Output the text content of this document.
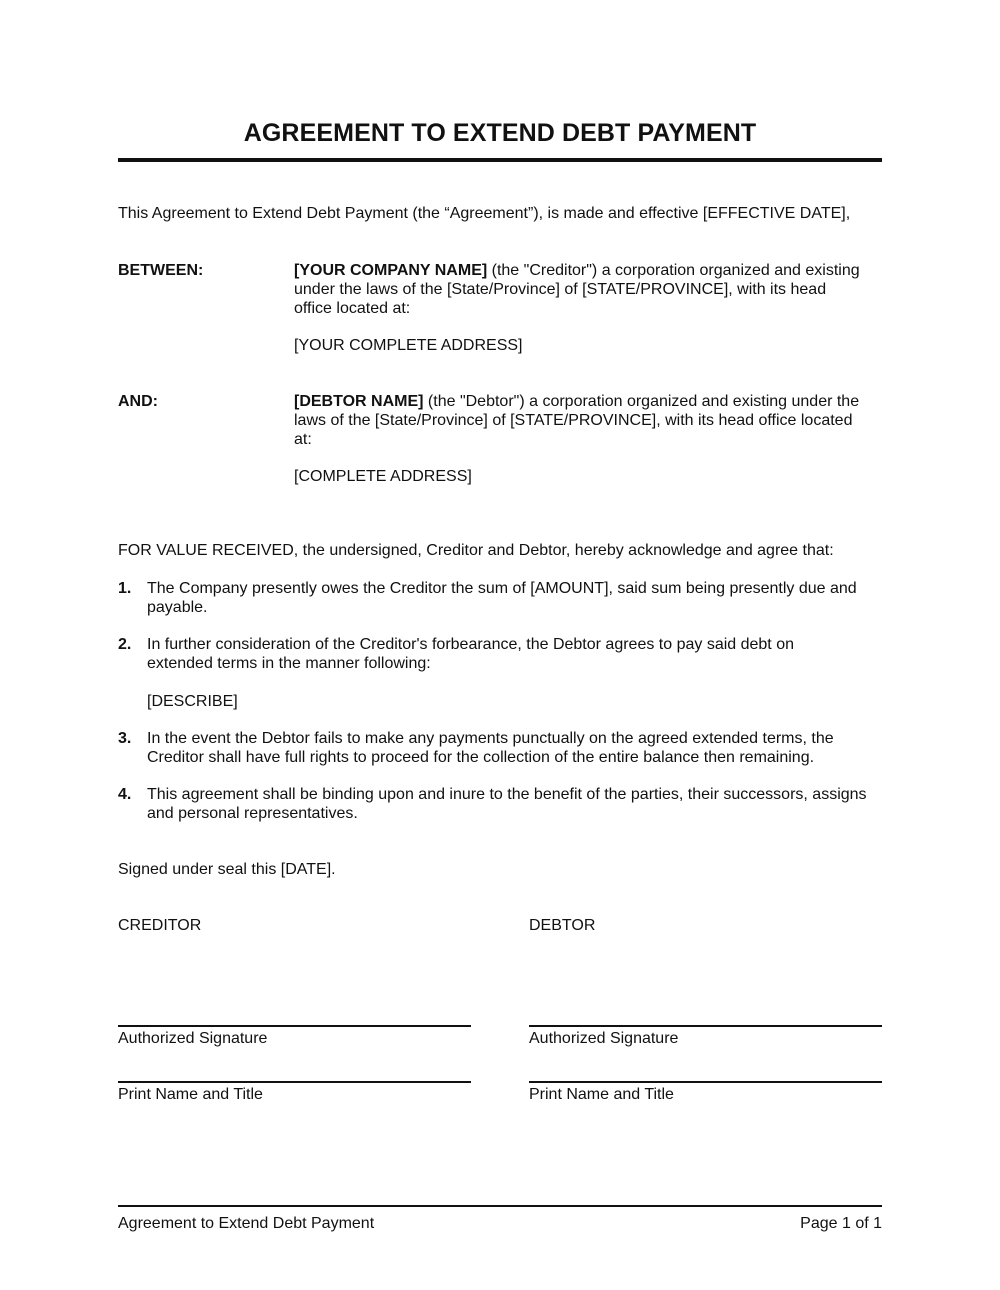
AGREEMENT TO EXTEND DEBT PAYMENT
This Agreement to Extend Debt Payment (the “Agreement”), is made and effective [EFFECTIVE DATE],
BETWEEN:	[YOUR COMPANY NAME] (the "Creditor") a corporation organized and existing
under the laws of the [State/Province] of [STATE/PROVINCE], with its head
office located at:
[YOUR COMPLETE ADDRESS]
AND:	[DEBTOR NAME] (the "Debtor") a corporation organized and existing under the
laws of the [State/Province] of [STATE/PROVINCE], with its head office located
at:
[COMPLETE ADDRESS]
FOR VALUE RECEIVED, the undersigned, Creditor and Debtor, hereby acknowledge and agree that:
1. The Company presently owes the Creditor the sum of [AMOUNT], said sum being presently due and
payable.
2. In further consideration of the Creditor's forbearance, the Debtor agrees to pay said debt on
extended terms in the manner following:
[DESCRIBE]
3. In the event the Debtor fails to make any payments punctually on the agreed extended terms, the
Creditor shall have full rights to proceed for the collection of the entire balance then remaining.
4. This agreement shall be binding upon and inure to the benefit of the parties, their successors, assigns
and personal representatives.
Signed under seal this [DATE].
CREDITOR	DEBTOR
Authorized Signature	Authorized Signature
Print Name and Title	Print Name and Title
Agreement to Extend Debt Payment	Page 1 of 1
